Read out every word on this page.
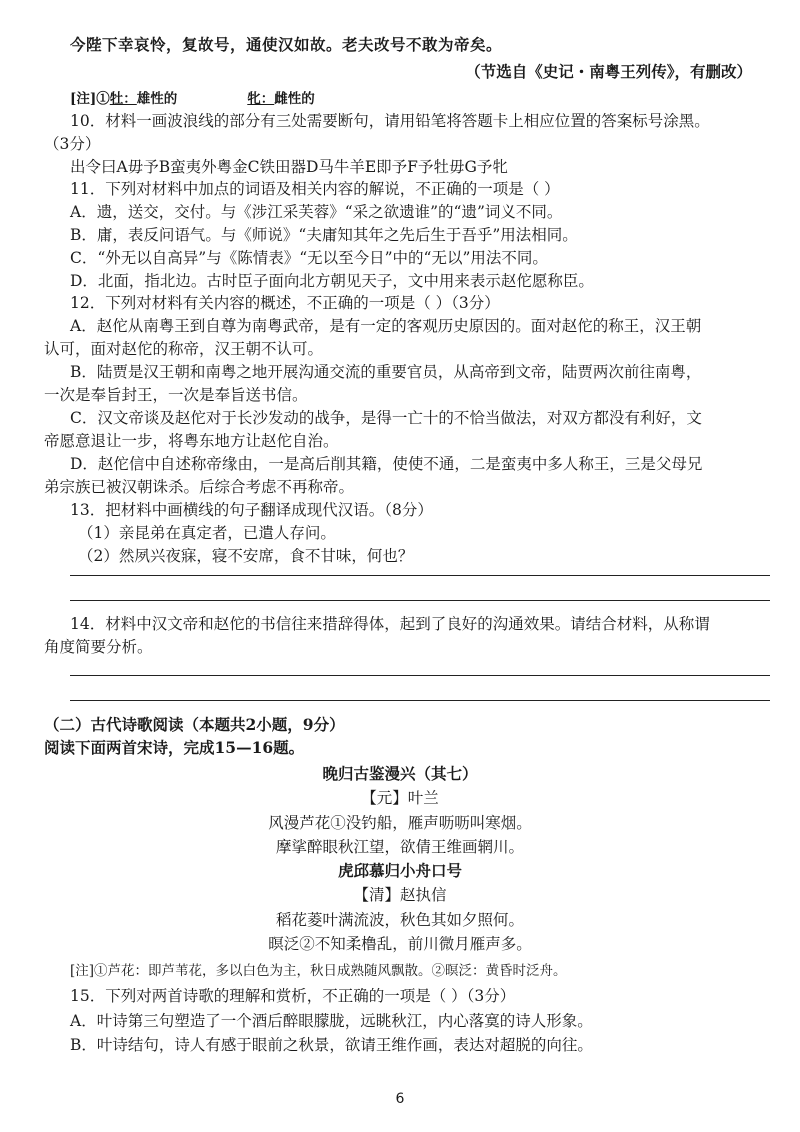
今陛下幸哀怜，复故号，通使汉如故。老夫改号不敢为帝矣。
（节选自《史记・南粤王列传》，有删改）
[注]①牡：雄性的	牝：雌性的
10．材料一画波浪线的部分有三处需要断句，请用铅笔将答题卡上相应位置的答案标号涂黑。
（3分）
出令曰A毋予B蛮夷外粤金C铁田器D马牛羊E即予F予牡毋G予牝
11．下列对材料中加点的词语及相关内容的解说，不正确的一项是（ ）
A．遗，送交，交付。与《涉江采芙蓉》“采之欲遗谁”的“遗”词义不同。
B．庸，表反问语气。与《师说》“夫庸知其年之先后生于吾乎”用法相同。
C．“外无以自高异”与《陈情表》“无以至今日”中的“无以”用法不同。
D．北面，指北边。古时臣子面向北方朝见天子，文中用来表示赵佗愿称臣。
12．下列对材料有关内容的概述，不正确的一项是（ ）（3分）
A．赵佗从南粤王到自尊为南粤武帝，是有一定的客观历史原因的。面对赵佗的称王，汉王朝
认可，面对赵佗的称帝，汉王朝不认可。
B．陆贾是汉王朝和南粤之地开展沟通交流的重要官员，从高帝到文帝，陆贾两次前往南粤，
一次是奉旨封王，一次是奉旨送书信。
C．汉文帝谈及赵佗对于长沙发动的战争，是得一亡十的不恰当做法，对双方都没有利好，文
帝愿意退让一步，将粤东地方让赵佗自治。
D．赵佗信中自述称帝缘由，一是高后削其籍，使使不通，二是蛮夷中多人称王，三是父母兄
弟宗族已被汉朝诛杀。后综合考虑不再称帝。
13．把材料中画横线的句子翻译成现代汉语。（8分）
（1）亲昆弟在真定者，已遣人存问。
（2）然夙兴夜寐，寝不安席，食不甘味，何也？
14．材料中汉文帝和赵佗的书信往来措辞得体，起到了良好的沟通效果。请结合材料，从称谓
角度简要分析。
（二）古代诗歌阅读（本题共2小题，9分）
阅读下面两首宋诗，完成15—16题。
晚归古鉴漫兴（其七）
【元】叶兰
风漫芦花①没钓船，雁声呖呖叫寒烟。
摩挲醉眼秋江望，欲倩王维画辋川。
虎邱慕归小舟口号
【清】赵执信
稻花菱叶满流波，秋色其如夕照何。
暝泛②不知柔橹乱，前川微月雁声多。
[注]①芦花：即芦苇花，多以白色为主，秋日成熟随风飘散。②暝泛：黄昏时泛舟。
15．下列对两首诗歌的理解和赏析，不正确的一项是（ ）（3分）
A．叶诗第三句塑造了一个酒后醉眼朦胧，远眺秋江，内心落寞的诗人形象。
B．叶诗结句，诗人有感于眼前之秋景，欲请王维作画，表达对超脱的向往。
6
